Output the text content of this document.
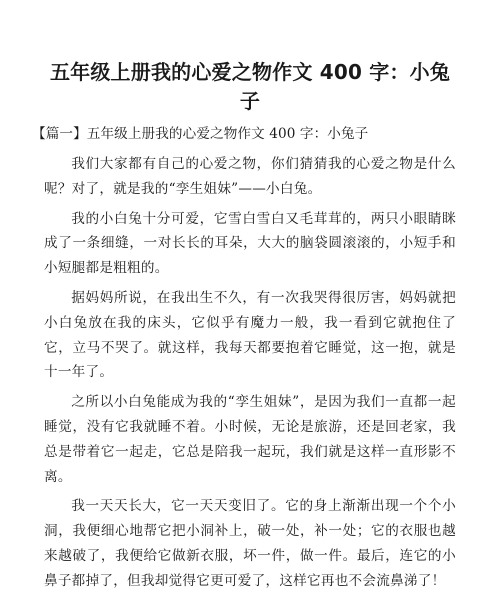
五年级上册我的心爱之物作文 400 字：小兔子
【篇一】五年级上册我的心爱之物作文 400 字：小兔子

我们大家都有自己的心爱之物，你们猜猜我的心爱之物是什么呢？对了，就是我的“孪生姐妹”——小白兔。

我的小白兔十分可爱，它雪白雪白又毛茸茸的，两只小眼睛眯成了一条细缝，一对长长的耳朵，大大的脑袋圆滚滚的，小短手和小短腿都是粗粗的。

据妈妈所说，在我出生不久，有一次我哭得很厉害，妈妈就把小白兔放在我的床头，它似乎有魔力一般，我一看到它就抱住了它，立马不哭了。就这样，我每天都要抱着它睡觉，这一抱，就是十一年了。

之所以小白兔能成为我的“孪生姐妹”，是因为我们一直都一起睡觉，没有它我就睡不着。小时候，无论是旅游，还是回老家，我总是带着它一起走，它总是陪我一起玩，我们就是这样一直形影不离。

我一天天长大，它一天天变旧了。它的身上渐渐出现一个个小洞，我便细心地帮它把小洞补上，破一处，补一处；它的衣服也越来越破了，我便给它做新衣服，坏一件，做一件。最后，连它的小鼻子都掉了，但我却觉得它更可爱了，这样它再也不会流鼻涕了！
